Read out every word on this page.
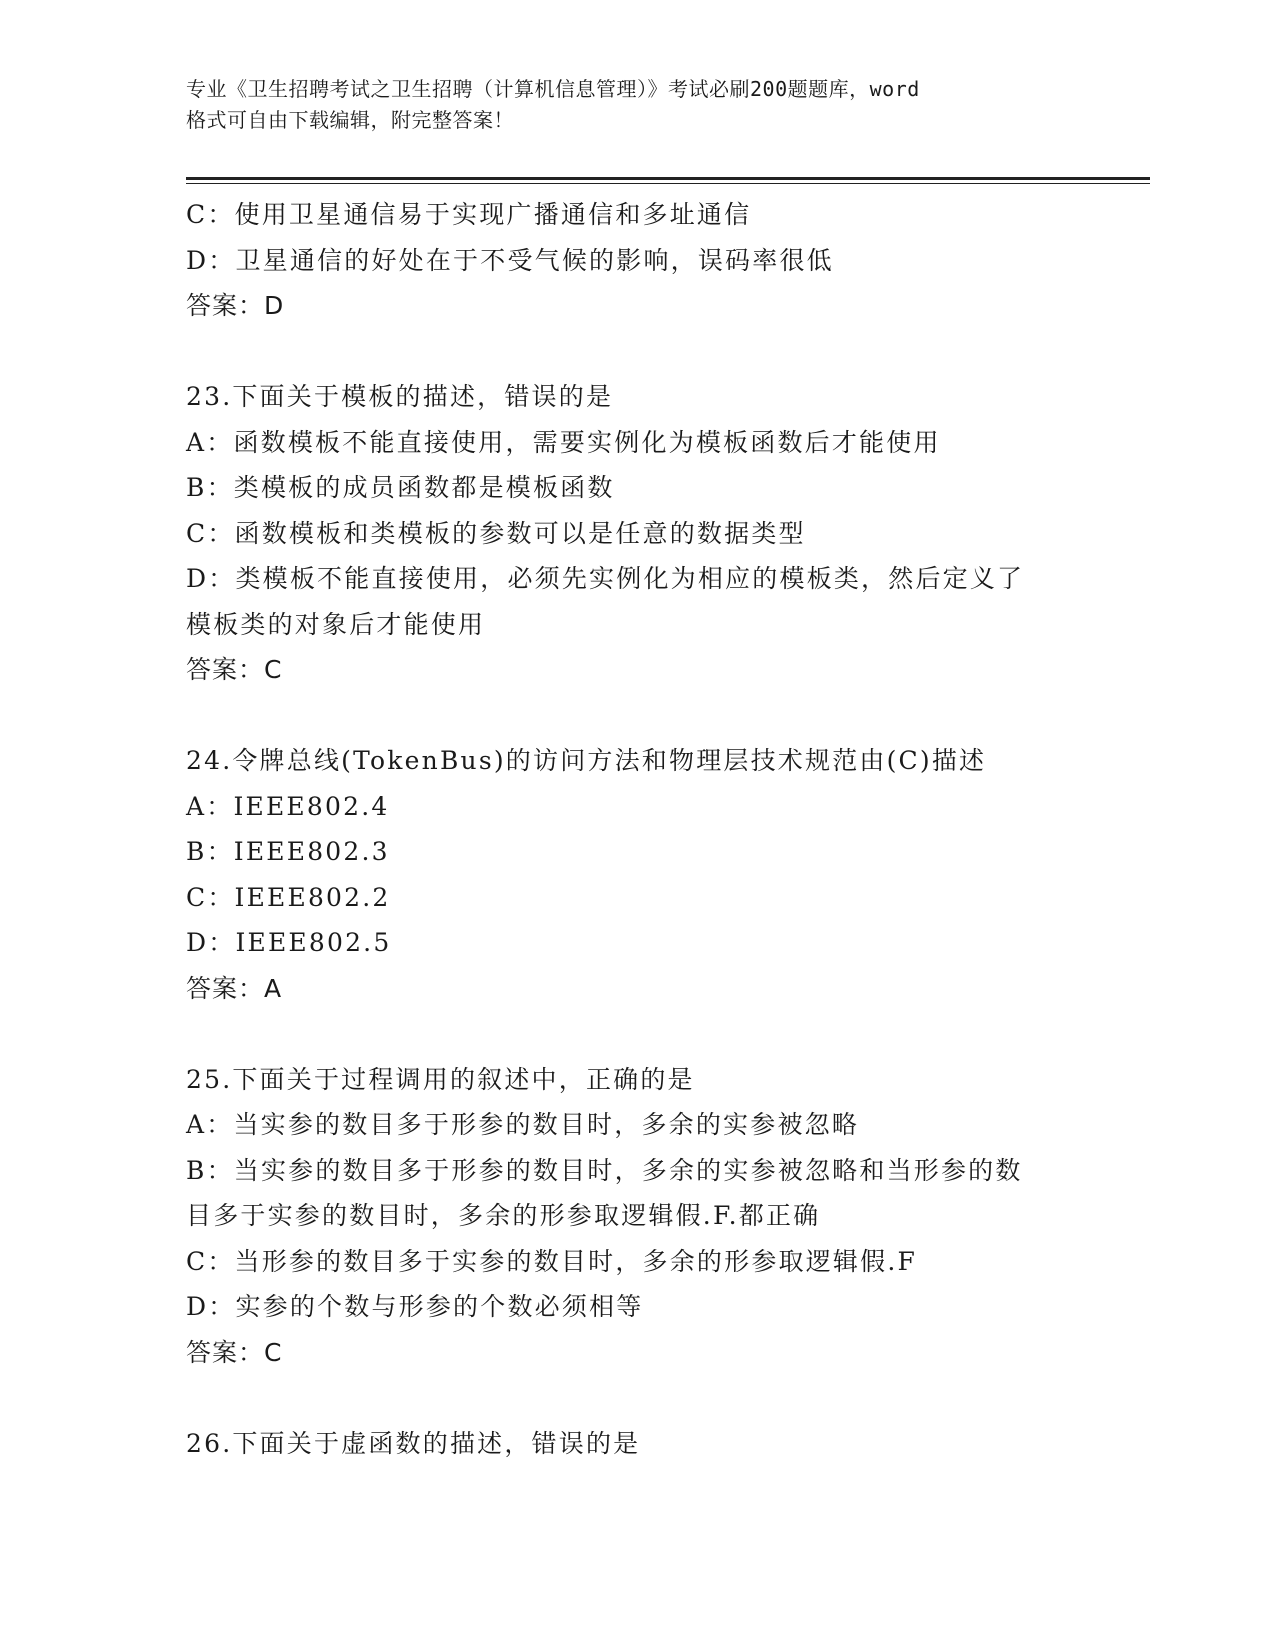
专业《卫生招聘考试之卫生招聘（计算机信息管理）》考试必刷200题题库，word
格式可自由下载编辑，附完整答案！
C：使用卫星通信易于实现广播通信和多址通信
D：卫星通信的好处在于不受气候的影响，误码率很低
答案：D
23.下面关于模板的描述，错误的是
A：函数模板不能直接使用，需要实例化为模板函数后才能使用
B：类模板的成员函数都是模板函数
C：函数模板和类模板的参数可以是任意的数据类型
D：类模板不能直接使用，必须先实例化为相应的模板类，然后定义了
模板类的对象后才能使用
答案：C
24.令牌总线(TokenBus)的访问方法和物理层技术规范由(C)描述
A：IEEE802.4
B：IEEE802.3
C：IEEE802.2
D：IEEE802.5
答案：A
25.下面关于过程调用的叙述中，正确的是
A：当实参的数目多于形参的数目时，多余的实参被忽略
B：当实参的数目多于形参的数目时，多余的实参被忽略和当形参的数
目多于实参的数目时，多余的形参取逻辑假.F.都正确
C：当形参的数目多于实参的数目时，多余的形参取逻辑假.F
D：实参的个数与形参的个数必须相等
答案：C
26.下面关于虚函数的描述，错误的是
